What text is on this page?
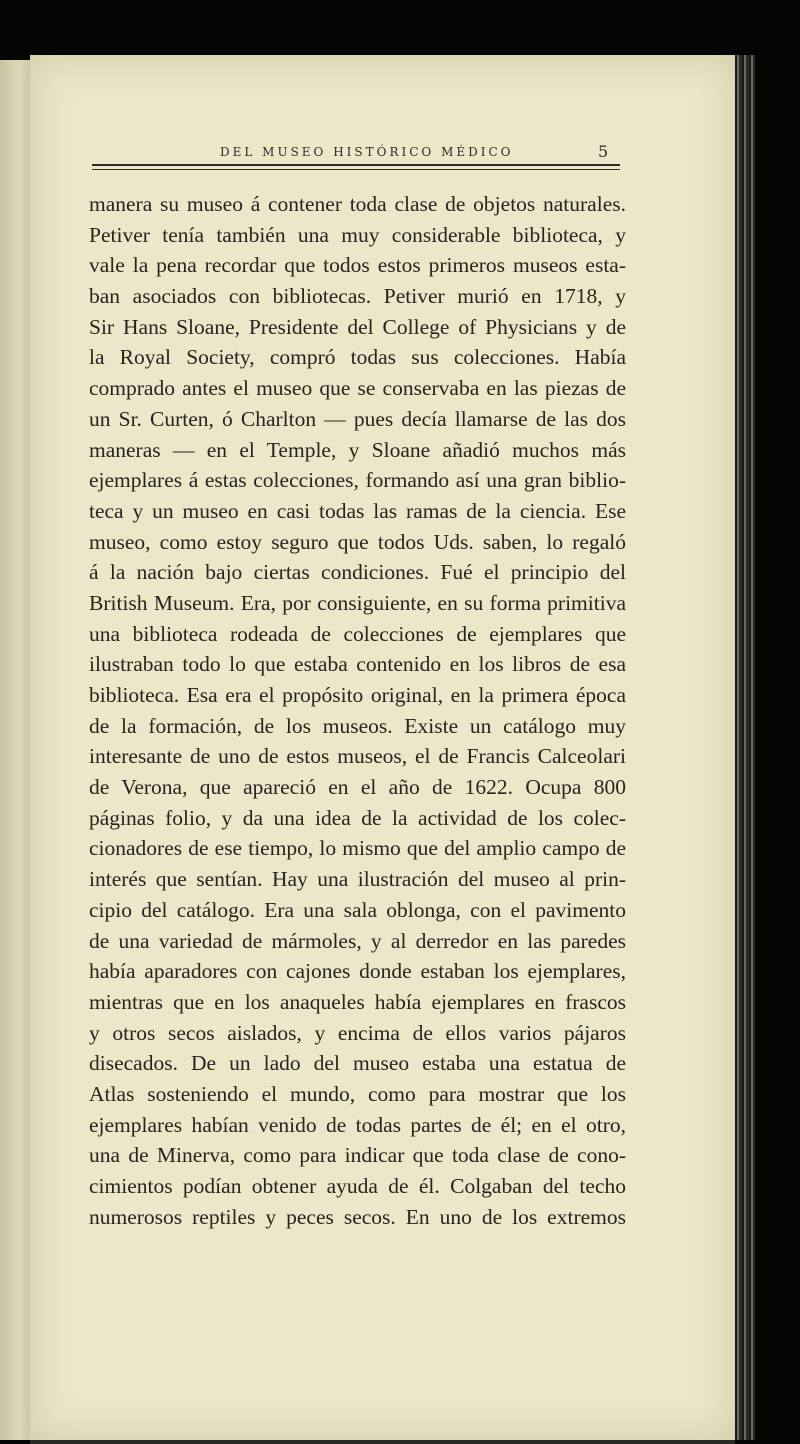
DEL MUSEO HISTÓRICO MÉDICO	5
manera su museo á contener toda clase de objetos naturales.
Petiver tenía también una muy considerable biblioteca, y
vale la pena recordar que todos estos primeros museos esta-
ban asociados con bibliotecas. Petiver murió en 1718, y
Sir Hans Sloane, Presidente del College of Physicians y de
la Royal Society, compró todas sus colecciones. Había
comprado antes el museo que se conservaba en las piezas de
un Sr. Curten, ó Charlton — pues decía llamarse de las dos
maneras — en el Temple, y Sloane añadió muchos más
ejemplares á estas colecciones, formando así una gran biblio-
teca y un museo en casi todas las ramas de la ciencia. Ese
museo, como estoy seguro que todos Uds. saben, lo regaló
á la nación bajo ciertas condiciones. Fué el principio del
British Museum. Era, por consiguiente, en su forma primitiva
una biblioteca rodeada de colecciones de ejemplares que
ilustraban todo lo que estaba contenido en los libros de esa
biblioteca. Esa era el propósito original, en la primera época
de la formación, de los museos. Existe un catálogo muy
interesante de uno de estos museos, el de Francis Calceolari
de Verona, que apareció en el año de 1622. Ocupa 800
páginas folio, y da una idea de la actividad de los colec-
cionadores de ese tiempo, lo mismo que del amplio campo de
interés que sentían. Hay una ilustración del museo al prin-
cipio del catálogo. Era una sala oblonga, con el pavimento
de una variedad de mármoles, y al derredor en las paredes
había aparadores con cajones donde estaban los ejemplares,
mientras que en los anaqueles había ejemplares en frascos
y otros secos aislados, y encima de ellos varios pájaros
disecados. De un lado del museo estaba una estatua de
Atlas sosteniendo el mundo, como para mostrar que los
ejemplares habían venido de todas partes de él; en el otro,
una de Minerva, como para indicar que toda clase de cono-
cimientos podían obtener ayuda de él. Colgaban del techo
numerosos reptiles y peces secos. En uno de los extremos
